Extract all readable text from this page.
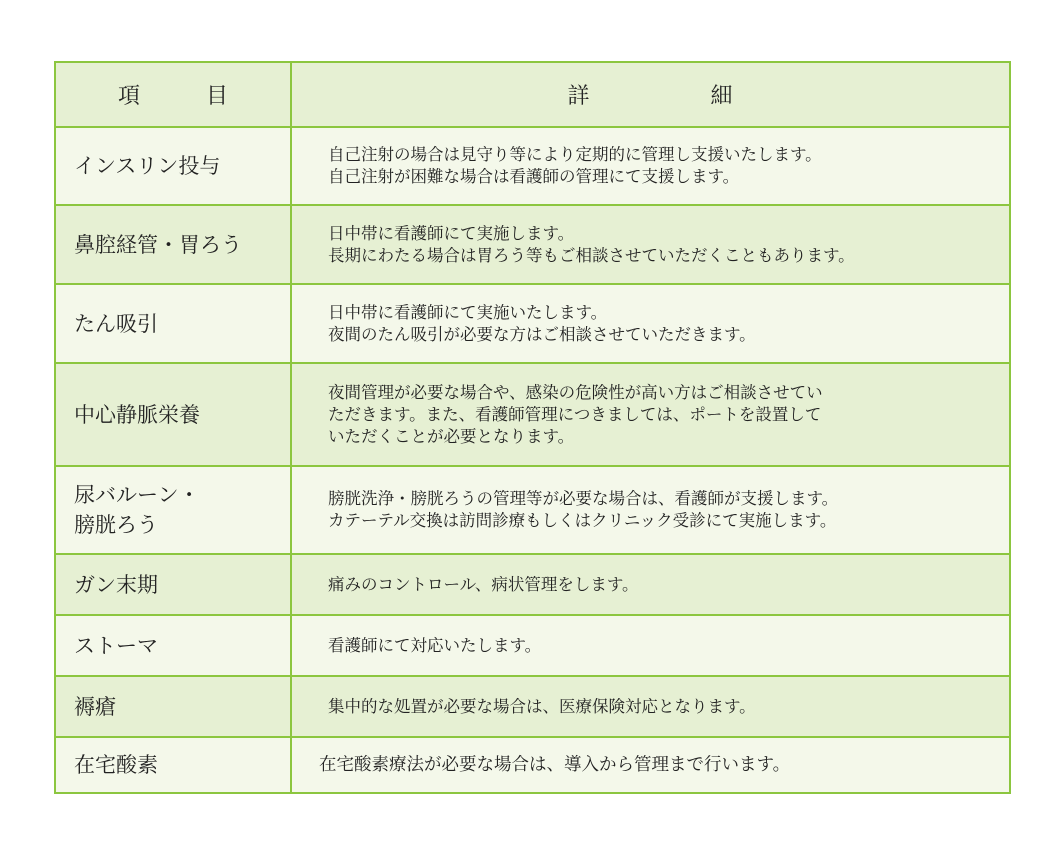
項　目	詳 細
インスリン投与	自己注射の場合は見守り等により定期的に管理し支援いたします。
自己注射が困難な場合は看護師の管理にて支援します。

鼻腔経管・胃ろう	日中帯に看護師にて実施します。
長期にわたる場合は胃ろう等もご相談させていただくこともあります。

たん吸引	日中帯に看護師にて実施いたします。
夜間のたん吸引が必要な方はご相談させていただきます。

中心静脈栄養	夜間管理が必要な場合や、感染の危険性が高い方はご相談させてい
ただきます。また、看護師管理につきましては、ポートを設置して
いただくことが必要となります。

尿バルーン・
膀胱ろう	膀胱洗浄・膀胱ろうの管理等が必要な場合は、看護師が支援します。
カテーテル交換は訪問診療もしくはクリニック受診にて実施します。

ガン末期	痛みのコントロール、病状管理をします。

ストーマ	看護師にて対応いたします。

褥瘡	集中的な処置が必要な場合は、医療保険対応となります。

在宅酸素	在宅酸素療法が必要な場合は、導入から管理まで行います。
